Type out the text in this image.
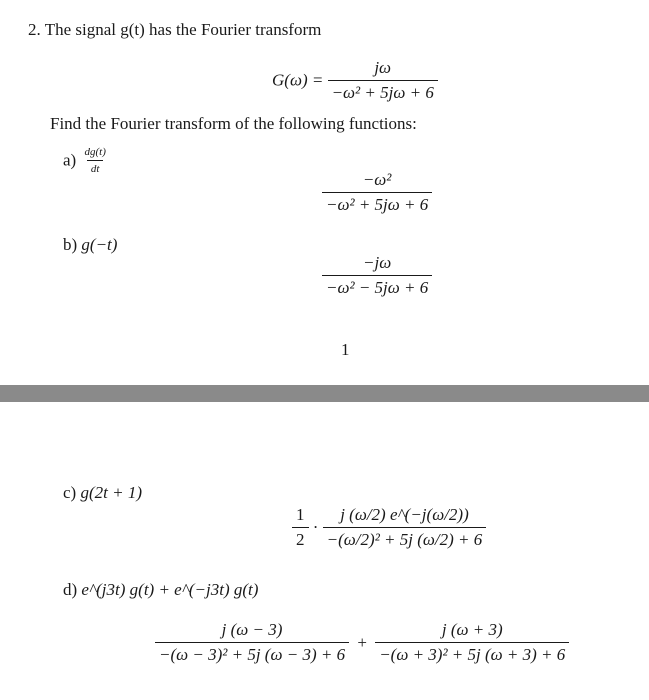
2. The signal g(t) has the Fourier transform
$G(\omega) = \frac{j\omega}{\text{−ω² + 5jω + 6}}$
Find the Fourier transform of the following functions:
$a) \frac{dg(t)}{dt}$
$\frac{\text{−ω²}}{\text{−ω² + 5jω + 6}}$
b) g(−t)
$\frac{-j\omega}{\text{−ω² − 5jω + 6}}$
1
c) g(2t + 1)
$\frac{1}{2} \cdot \frac{j (\omega/2) e\^{}(-j(\omega/2))}{\text{−(ω/2)² + 5j (ω/2) + 6}}$
d) e^(j3t) g(t) + e^(−j3t) g(t)
$\frac{j (\omega - 3)}{\text{−(ω − 3)² + 5j (ω − 3) + 6}} + \frac{j (\omega + 3)}{\text{−(ω + 3)² + 5j (ω + 3) + 6}}$
